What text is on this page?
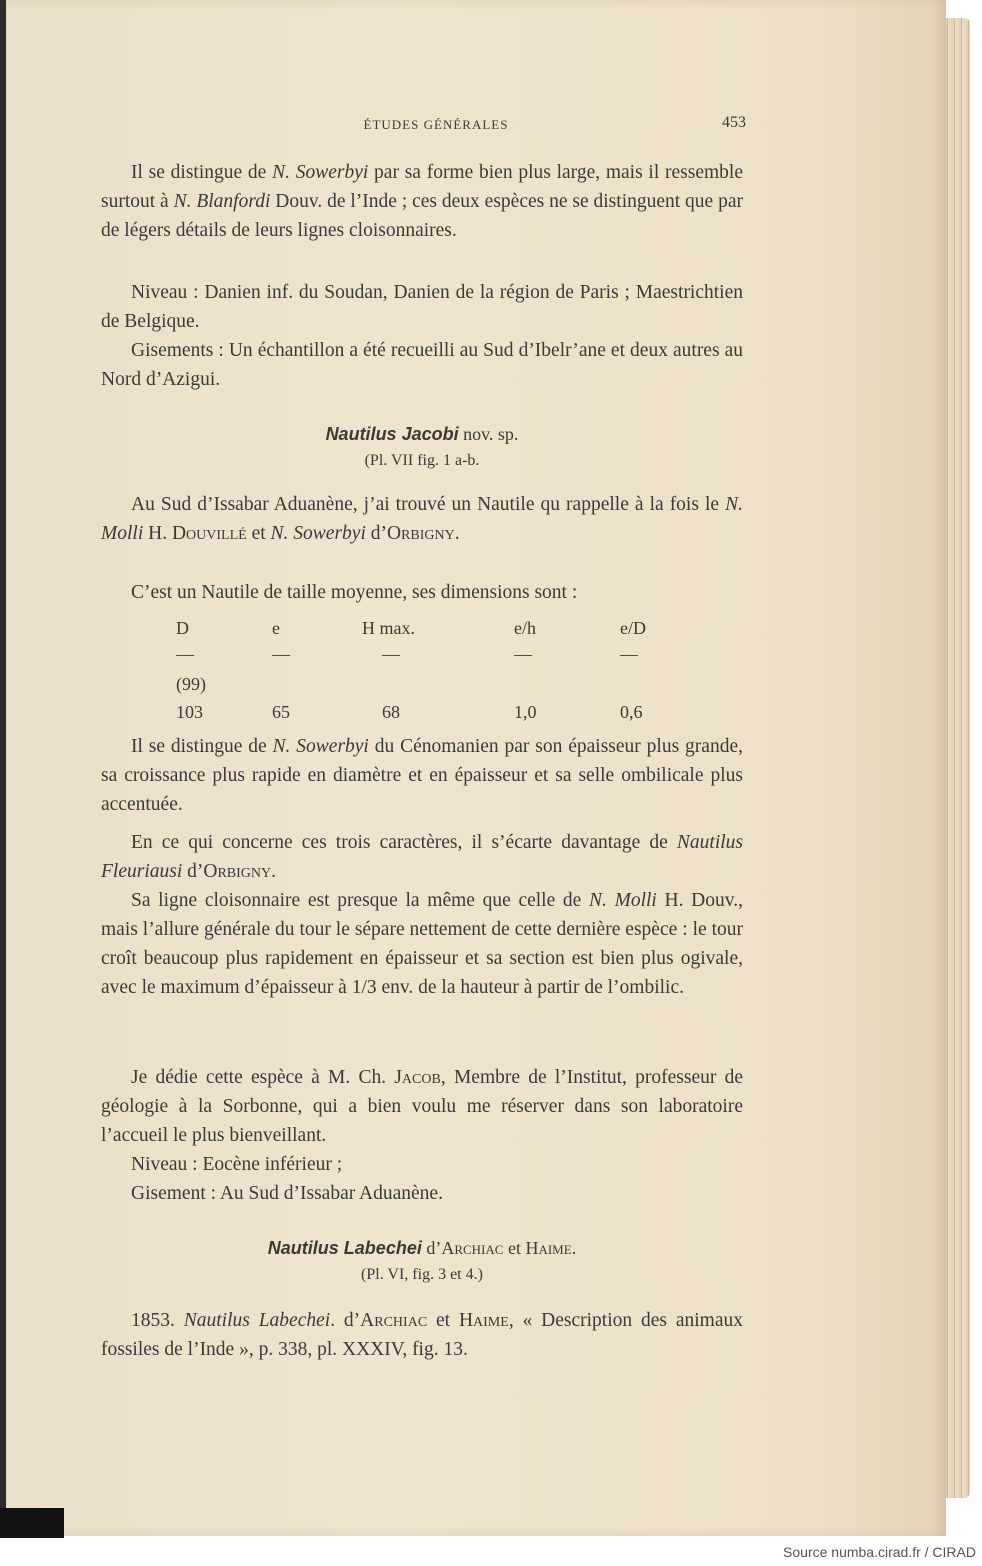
ÉTUDES GÉNÉRALES	453

Il se distingue de N. Sowerbyi par sa forme bien plus large, mais il ressemble surtout à N. Blanfordi Douv. de l’Inde ; ces deux espèces ne se distinguent que par de légers détails de leurs lignes cloisonnaires.

Niveau : Danien inf. du Soudan, Danien de la région de Paris ; Maestrichtien de Belgique.

Gisements : Un échantillon a été recueilli au Sud d’Ibelr’ane et deux autres au Nord d’Azigui.

Nautilus Jacobi nov. sp.
(Pl. VII fig. 1 a-b.

Au Sud d’Issabar Aduanène, j’ai trouvé un Nautile qu rappelle à la fois le N. Molli H. Douvillé et N. Sowerbyi d’Orbigny.

C’est un Nautile de taille moyenne, ses dimensions sont :

D	e	H max.	e/h	e/D
—	—	—	—	—
(99)
103	65	68	1,0	0,6

Il se distingue de N. Sowerbyi du Cénomanien par son épaisseur plus grande, sa croissance plus rapide en diamètre et en épaisseur et sa selle ombilicale plus accentuée.

En ce qui concerne ces trois caractères, il s’écarte davantage de Nautilus Fleuriausi d’Orbigny.

Sa ligne cloisonnaire est presque la même que celle de N. Molli H. Douv., mais l’allure générale du tour le sépare nettement de cette dernière espèce : le tour croît beaucoup plus rapidement en épaisseur et sa section est bien plus ogivale, avec le maximum d’épaisseur à 1/3 env. de la hauteur à partir de l’ombilic.

Je dédie cette espèce à M. Ch. Jacob, Membre de l’Institut, professeur de géologie à la Sorbonne, qui a bien voulu me réserver dans son laboratoire l’accueil le plus bienveillant.

Niveau : Eocène inférieur ;

Gisement : Au Sud d’Issabar Aduanène.

Nautilus Labechei d’Archiac et Haime.
(Pl. VI, fig. 3 et 4.)

1853. Nautilus Labechei. d’Archiac et Haime, « Description des animaux fossiles de l’Inde », p. 338, pl. XXXIV, fig. 13.

Source numba.cirad.fr / CIRAD
